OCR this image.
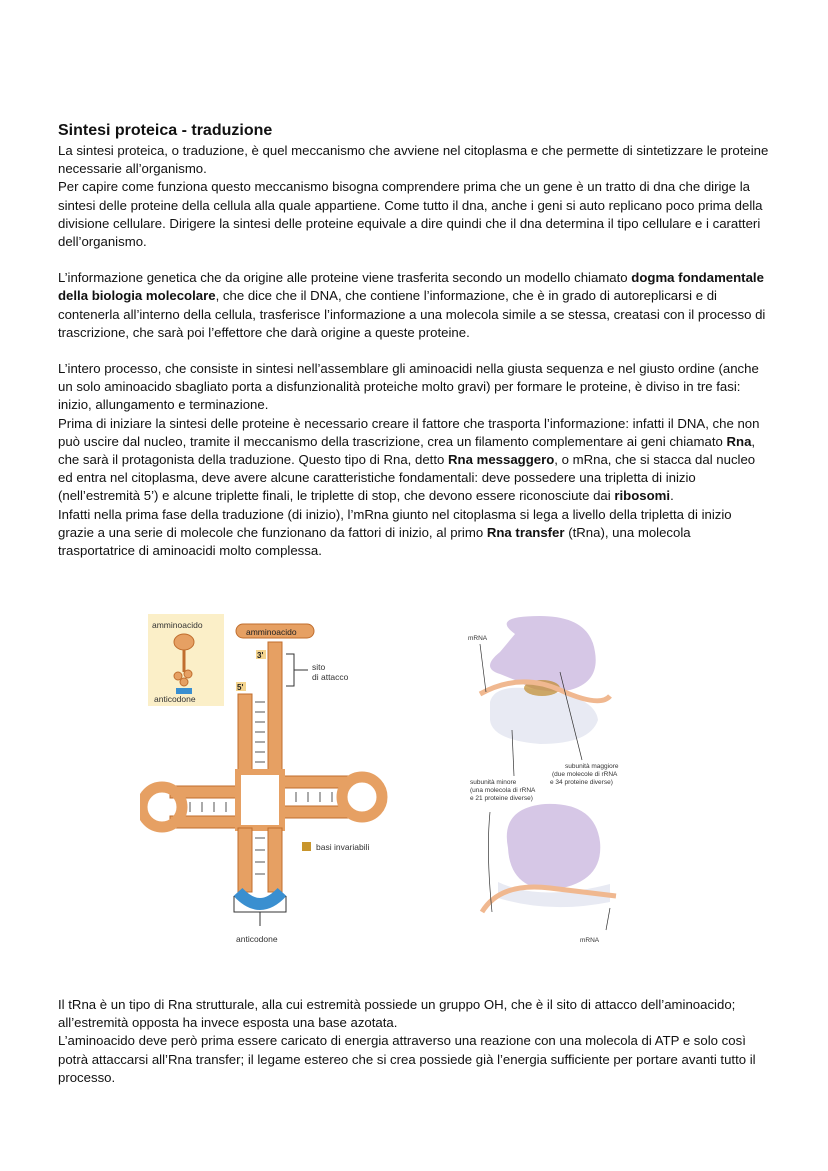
Sintesi proteica - traduzione

La sintesi proteica, o traduzione, è quel meccanismo che avviene nel citoplasma e che permette di sintetizzare le proteine necessarie all’organismo.

Per capire come funziona questo meccanismo bisogna comprendere prima che un gene è un tratto di dna che dirige la sintesi delle proteine della cellula alla quale appartiene. Come tutto il dna, anche i geni si auto replicano poco prima della divisione cellulare. Dirigere la sintesi delle proteine equivale a dire quindi che il dna determina il tipo cellulare e i caratteri dell’organismo.

L’informazione genetica che da origine alle proteine viene trasferita secondo un modello chiamato dogma fondamentale della biologia molecolare, che dice che il DNA, che contiene l’informazione, che è in grado di autoreplicarsi e di contenerla all’interno della cellula, trasferisce l’informazione a una molecola simile a se stessa, creatasi con il processo di trascrizione, che sarà poi l’effettore che darà origine a queste proteine.

L’intero processo, che consiste in sintesi nell’assemblare gli aminoacidi nella giusta sequenza e nel giusto ordine (anche un solo aminoacido sbagliato porta a disfunzionalità proteiche molto gravi) per formare le proteine, è diviso in tre fasi: inizio, allungamento e terminazione.

Prima di iniziare la sintesi delle proteine è necessario creare il fattore che trasporta l’informazione: infatti il DNA, che non può uscire dal nucleo, tramite il meccanismo della trascrizione, crea un filamento complementare ai geni chiamato Rna, che sarà il protagonista della traduzione. Questo tipo di Rna, detto Rna messaggero, o mRna, che si stacca dal nucleo ed entra nel citoplasma, deve avere alcune caratteristiche fondamentali: deve possedere una tripletta di inizio (nell’estremità 5’) e alcune triplette finali, le triplette di stop, che devono essere riconosciute dai ribosomi.

Infatti nella prima fase della traduzione (di inizio), l’mRna giunto nel citoplasma si lega a livello della tripletta di inizio grazie a una serie di molecole che funzionano da fattori di inizio, al primo Rna transfer (tRna), una molecola trasportatrice di aminoacidi molto complessa.

amminoacido
anticodone
amminoacido
3'
5'
sito
di attacco
anticodone
basi invariabili
mRNA
subunità maggiore
(due molecole di rRNA
e 34 proteine diverse)
subunità minore
(una molecola di rRNA
e 21 proteine diverse)
mRNA

Il tRna è un tipo di Rna strutturale, alla cui estremità possiede un gruppo OH, che è il sito di attacco dell’aminoacido; all’estremità opposta ha invece esposta una base azotata.

L’aminoacido deve però prima essere caricato di energia attraverso una reazione con una molecola di ATP e solo così potrà attaccarsi all’Rna transfer; il legame estereo che si crea possiede già l’energia sufficiente per portare avanti tutto il processo.
